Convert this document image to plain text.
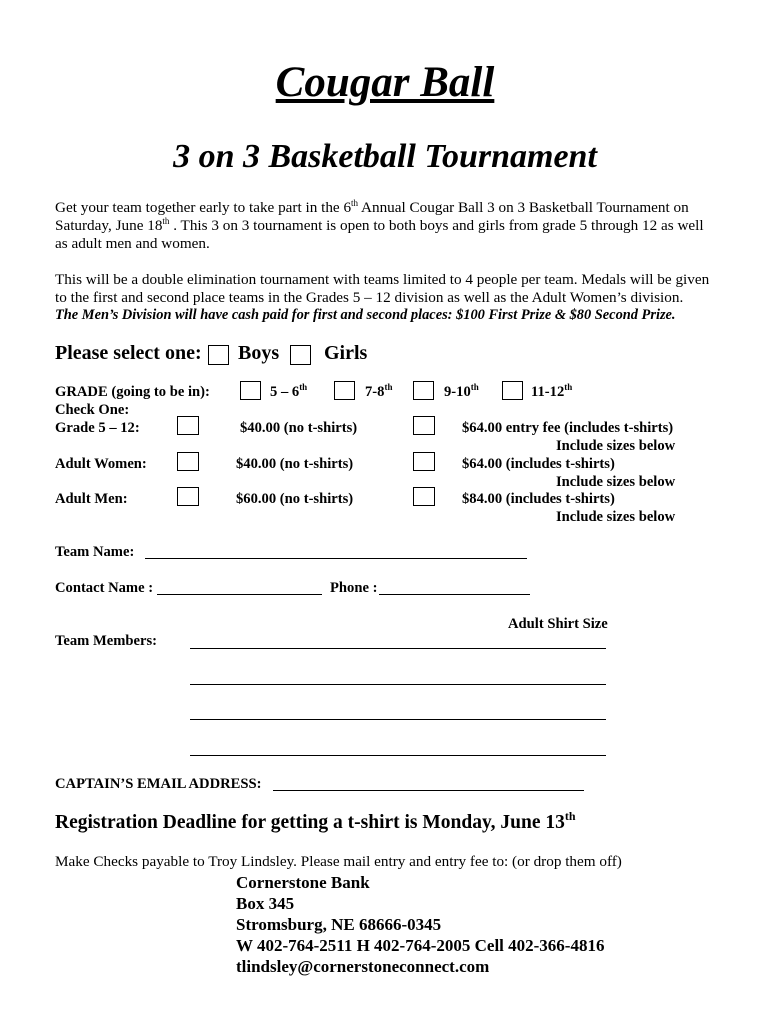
Cougar Ball
3 on 3 Basketball Tournament
Get your team together early to take part in the 6th Annual Cougar Ball 3 on 3 Basketball Tournament on
Saturday, June 18th . This 3 on 3 tournament is open to both boys and girls from grade 5 through 12 as well
as adult men and women.
This will be a double elimination tournament with teams limited to 4 people per team. Medals will be given
to the first and second place teams in the Grades 5 – 12 division as well as the Adult Women’s division.
The Men’s Division will have cash paid for first and second places: $100 First Prize & $80 Second Prize.
Please select one: Boys Girls
GRADE (going to be in):	5 – 6th	7-8th	9-10th	11-12th
Check One:
Grade 5 – 12:	$40.00 (no t-shirts)	$64.00 entry fee (includes t-shirts)
Include sizes below
Adult Women:	$40.00 (no t-shirts)	$64.00 (includes t-shirts)
Include sizes below
Adult Men:	$60.00 (no t-shirts)	$84.00 (includes t-shirts)
Include sizes below
Team Name:
Contact Name :	Phone :
Adult Shirt Size
Team Members:
CAPTAIN’S EMAIL ADDRESS:
Registration Deadline for getting a t-shirt is Monday, June 13th
Make Checks payable to Troy Lindsley. Please mail entry and entry fee to: (or drop them off)
Cornerstone Bank
Box 345
Stromsburg, NE 68666-0345
W 402-764-2511 H 402-764-2005 Cell 402-366-4816
tlindsley@cornerstoneconnect.com
